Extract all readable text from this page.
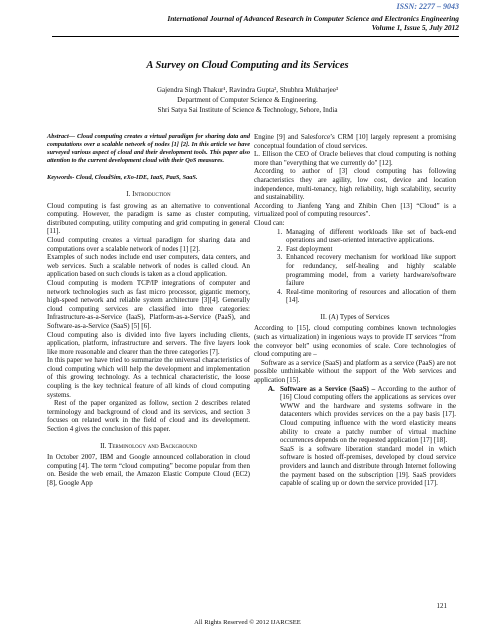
ISSN: 2277 – 9043
International Journal of Advanced Research in Computer Science and Electronics Engineering
Volume 1, Issue 5, July 2012
A Survey on Cloud Computing and its Services
Gajendra Singh Thakur¹, Ravindra Gupta², Shubhra Mukharjee³
Department of Computer Science & Engineering.
Shri Satya Sai Institute of Science & Technology, Sehore, India

Abstract— Cloud computing creates a virtual paradigm for sharing data and computations over a scalable network of nodes [1] [2]. In this article we have surveyed various aspect of cloud and their development tools. This paper also attention to the current development cloud with their QoS measures.

Keywords- Cloud, CloudSim, eXo-IDE, IaaS, PaaS, SaaS.

I. Introduction

Cloud computing is fast growing as an alternative to conventional computing. However, the paradigm is same as cluster computing, distributed computing, utility computing and grid computing in general [11].

Cloud computing creates a virtual paradigm for sharing data and computations over a scalable network of nodes [1] [2].

Examples of such nodes include end user computers, data centers, and web services. Such a scalable network of nodes is called cloud. An application based on such clouds is taken as a cloud application.

Cloud computing is modern TCP/IP integrations of computer and network technologies such as fast micro processor, gigantic memory, high-speed network and reliable system architecture [3][4]. Generally cloud computing services are classified into three categories: Infrastructure-as-a-Service (IaaS), Platform-as-a-Service (PaaS), and Software-as-a-Service (SaaS) [5] [6].

Cloud computing also is divided into five layers including clients, application, platform, infrastructure and servers. The five layers look like more reasonable and clearer than the three categories [7].

In this paper we have tried to summarize the universal characteristics of cloud computing which will help the development and implementation of this growing technology. As a technical characteristic, the loose coupling is the key technical feature of all kinds of cloud computing systems.

Rest of the paper organized as follow, section 2 describes related terminology and background of cloud and its services, and section 3 focuses on related work in the field of cloud and its development. Section 4 gives the conclusion of this paper.

II. Terminology and Background

In October 2007, IBM and Google announced collaboration in cloud computing [4]. The term “cloud computing” become popular from then on. Beside the web email, the Amazon Elastic Compute Cloud (EC2) [8], Google App

Engine [9] and Salesforce’s CRM [10] largely represent a promising conceptual foundation of cloud services.

L. Ellison the CEO of Oracle believes that cloud computing is nothing more than "everything that we currently do" [12].

According to author of [3] cloud computing has following characteristics they are agility, low cost, device and location independence, multi-tenancy, high reliability, high scalability, security and sustainability.

According to Jianfeng Yang and Zhibin Chen [13] “Cloud” is a virtualized pool of computing resources".

Cloud can:

1. Managing of different workloads like set of back-end operations and user-oriented interactive applications.
2. Fast deployment
3. Enhanced recovery mechanism for workload like support for redundancy, self-healing and highly scalable programming model, from a variety hardware/software failure
4. Real-time monitoring of resources and allocation of them [14].

II. (A) Types of Services

According to [15], cloud computing combines known technologies (such as virtualization) in ingenious ways to provide IT services “from the conveyor belt” using economies of scale. Core technologies of cloud computing are –

Software as a service (SaaS) and platform as a service (PaaS) are not possible unthinkable without the support of the Web services and application [15].

A. Software as a Service (SaaS) – According to the author of [16] Cloud computing offers the applications as services over WWW and the hardware and systems software in the datacenters which provides services on the a pay basis [17]. Cloud computing influence with the word elasticity means ability to create a patchy number of virtual machine occurrences depends on the requested application [17] [18].

SaaS is a software liberation standard model in which software is hosted off-premises, developed by cloud service providers and launch and distribute through Internet following the payment based on the subscription [19]. SaaS providers capable of scaling up or down the service provided [17].

121
All Rights Reserved © 2012 IJARCSEE
